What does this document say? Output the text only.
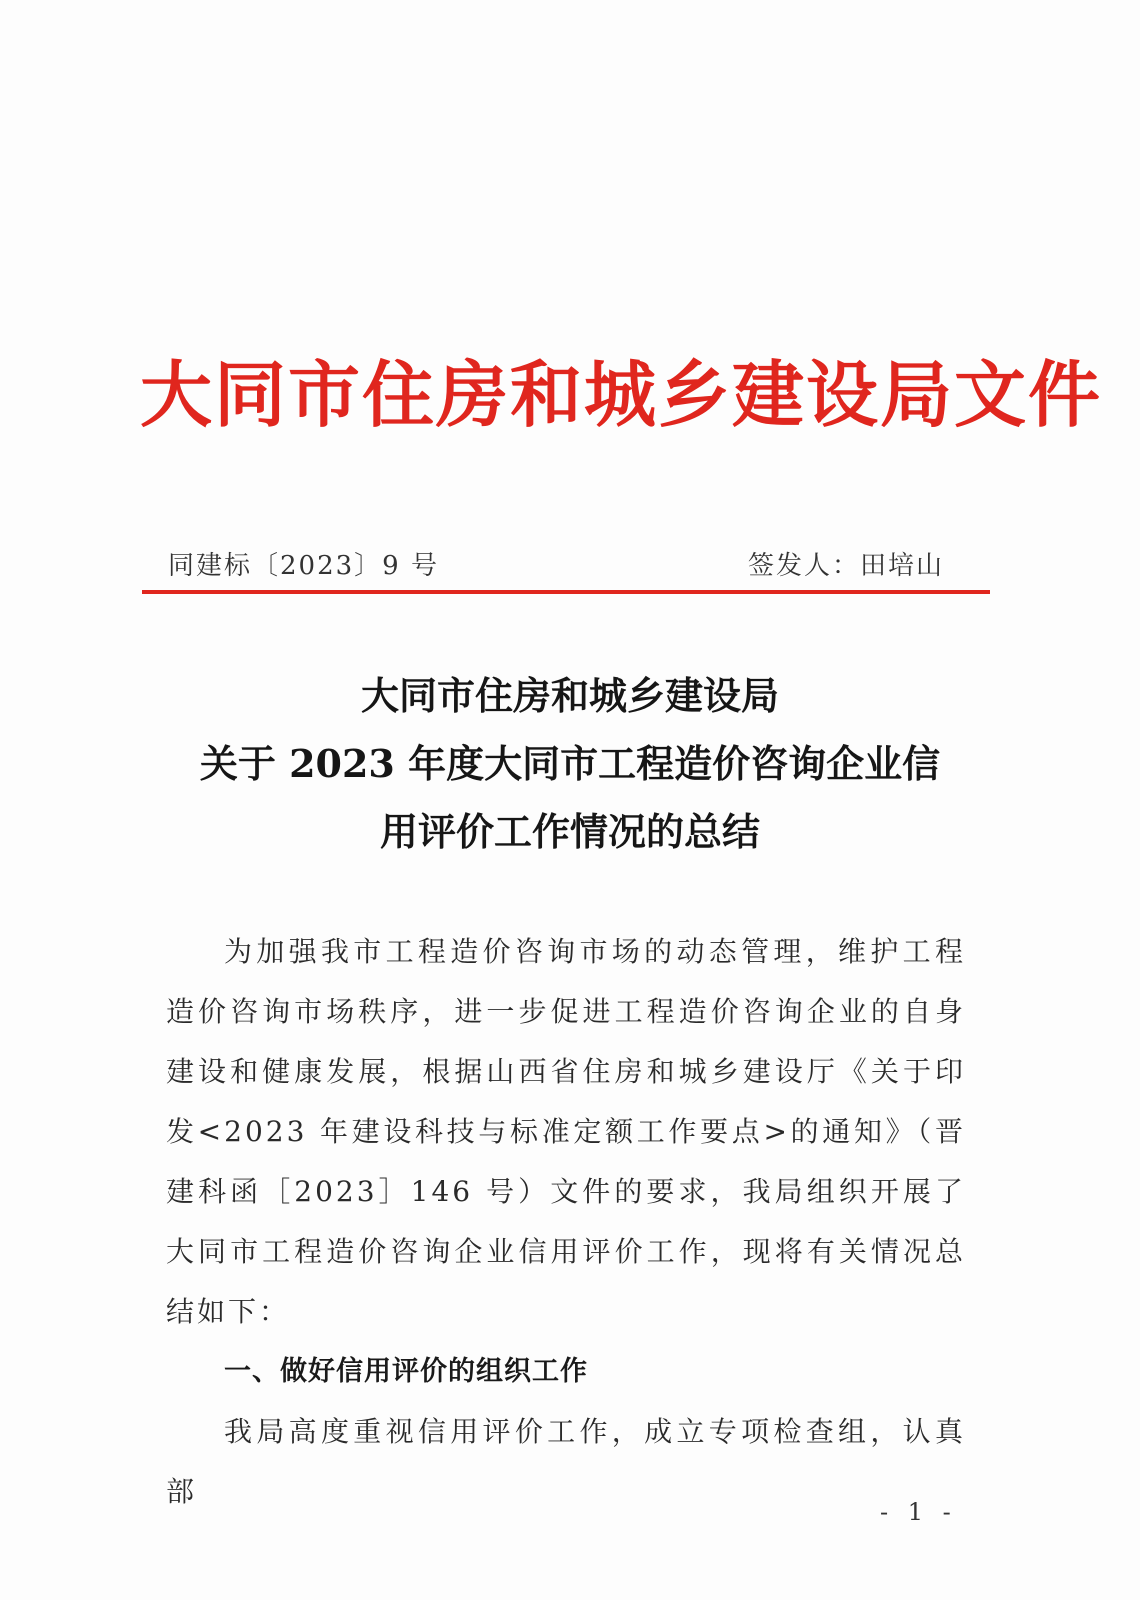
大同市住房和城乡建设局文件
同建标〔2023〕9 号	签发人：田培山
大同市住房和城乡建设局
关于 2023 年度大同市工程造价咨询企业信
用评价工作情况的总结

为加强我市工程造价咨询市场的动态管理，维护工程造价咨询市场秩序，进一步促进工程造价咨询企业的自身建设和健康发展，根据山西省住房和城乡建设厅《关于印发<2023 年建设科技与标准定额工作要点>的通知》（晋建科函［2023］146 号）文件的要求，我局组织开展了大同市工程造价咨询企业信用评价工作，现将有关情况总结如下：

一、做好信用评价的组织工作

我局高度重视信用评价工作，成立专项检查组，认真部

- 1 -
